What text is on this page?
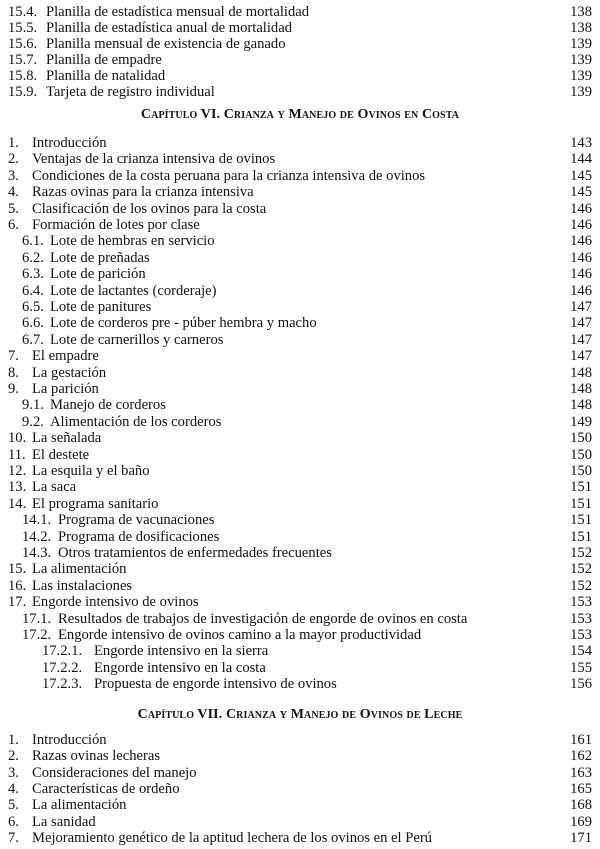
15.4. Planilla de estadística mensual de mortalidad	138
15.5. Planilla de estadística anual de mortalidad	138
15.6. Planilla mensual de existencia de ganado	139
15.7. Planilla de empadre	139
15.8. Planilla de natalidad	139
15.9. Tarjeta de registro individual	139
Capítulo VI. Crianza y Manejo de Ovinos en Costa
1. Introducción	143
2. Ventajas de la crianza intensiva de ovinos	144
3. Condiciones de la costa peruana para la crianza intensiva de ovinos	145
4. Razas ovinas para la crianza intensiva	145
5. Clasificación de los ovinos para la costa	146
6. Formación de lotes por clase	146
6.1. Lote de hembras en servicio	146
6.2. Lote de preñadas	146
6.3. Lote de parición	146
6.4. Lote de lactantes (corderaje)	146
6.5. Lote de panitures	147
6.6. Lote de corderos pre - púber hembra y macho	147
6.7. Lote de carnerillos y carneros	147
7. El empadre	147
8. La gestación	148
9. La parición	148
9.1. Manejo de corderos	148
9.2. Alimentación de los corderos	149
10. La señalada	150
11. El destete	150
12. La esquila y el baño	150
13. La saca	151
14. El programa sanitario	151
14.1. Programa de vacunaciones	151
14.2. Programa de dosificaciones	151
14.3. Otros tratamientos de enfermedades frecuentes	152
15. La alimentación	152
16. Las instalaciones	152
17. Engorde intensivo de ovinos	153
17.1. Resultados de trabajos de investigación de engorde de ovinos en costa	153
17.2. Engorde intensivo de ovinos camino a la mayor productividad	153
17.2.1. Engorde intensivo en la sierra	154
17.2.2. Engorde intensivo en la costa	155
17.2.3. Propuesta de engorde intensivo de ovinos	156
Capítulo VII. Crianza y Manejo de Ovinos de Leche
1. Introducción	161
2. Razas ovinas lecheras	162
3. Consideraciones del manejo	163
4. Características de ordeño	165
5. La alimentación	168
6. La sanidad	169
7. Mejoramiento genético de la aptitud lechera de los ovinos en el Perú	171
